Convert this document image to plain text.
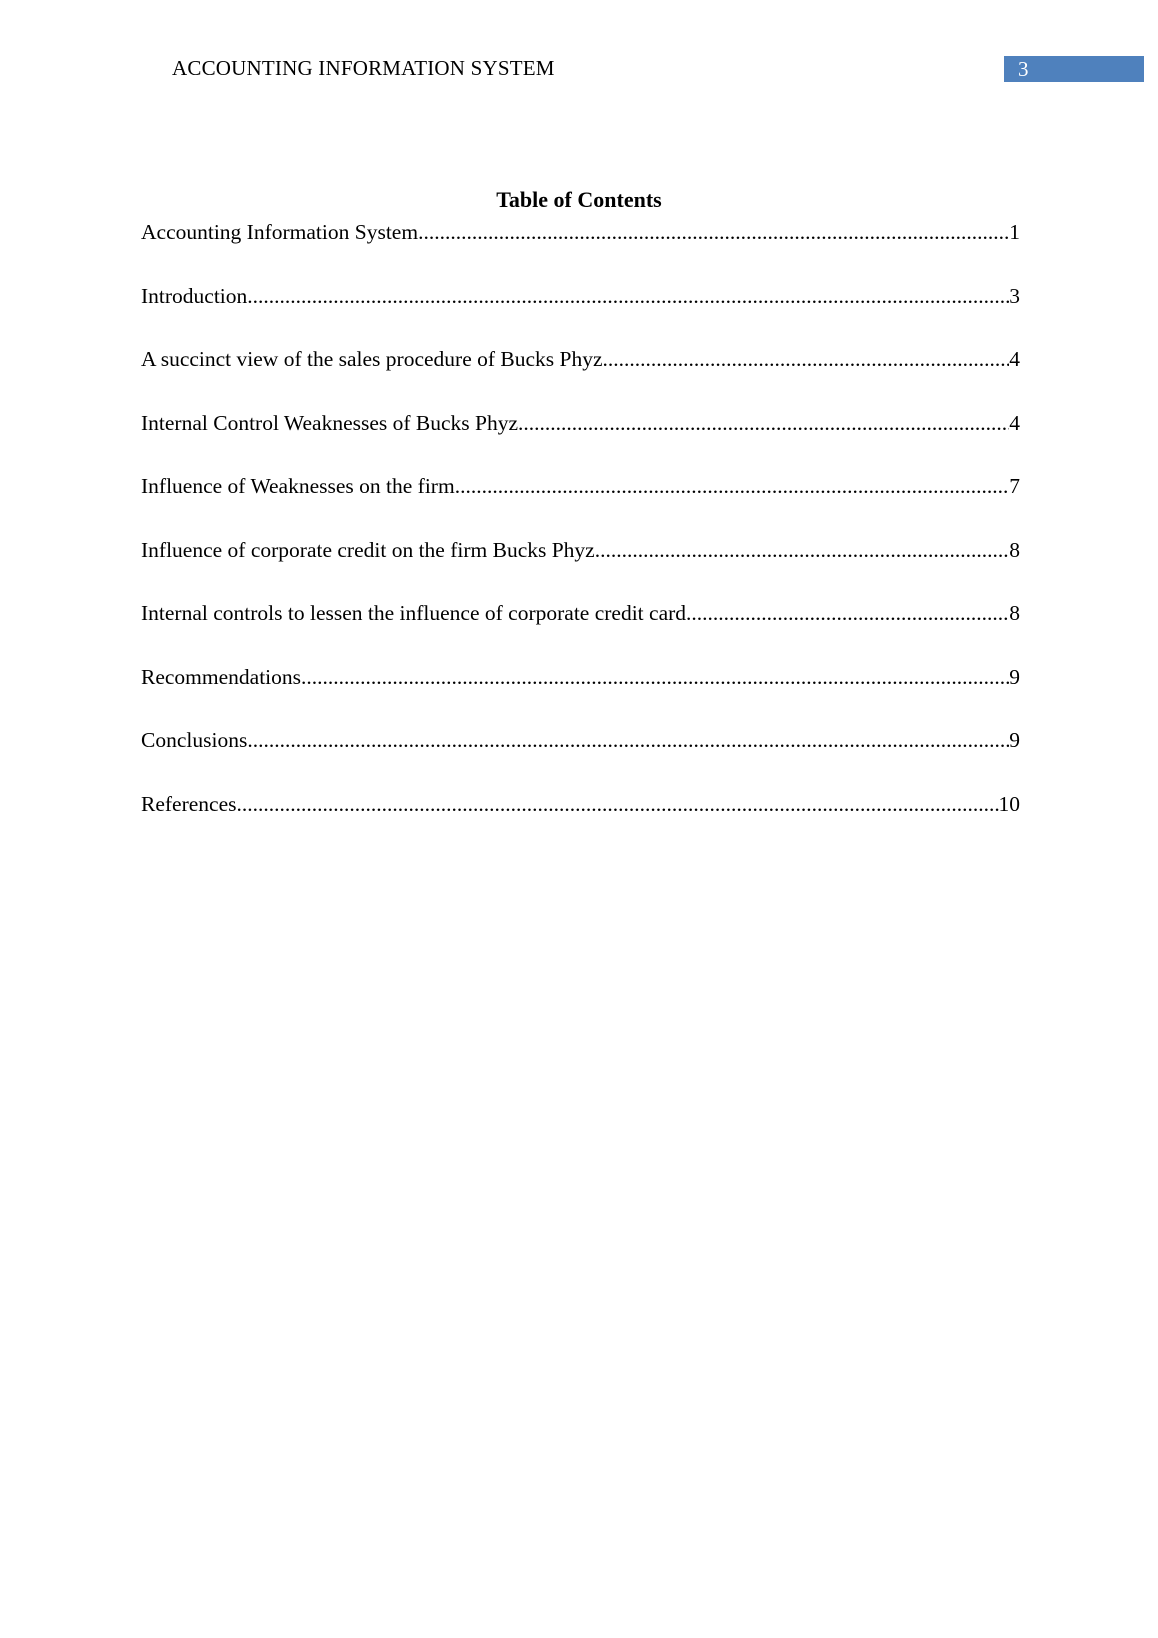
ACCOUNTING INFORMATION SYSTEM	3
Table of Contents
Accounting Information System .....	1
Introduction .....	3
A succinct view of the sales procedure of Bucks Phyz .....	4
Internal Control Weaknesses of Bucks Phyz .....	4
Influence of Weaknesses on the firm .....	7
Influence of corporate credit on the firm Bucks Phyz .....	8
Internal controls to lessen the influence of corporate credit card .....	8
Recommendations .....	9
Conclusions .....	9
References .....	10
